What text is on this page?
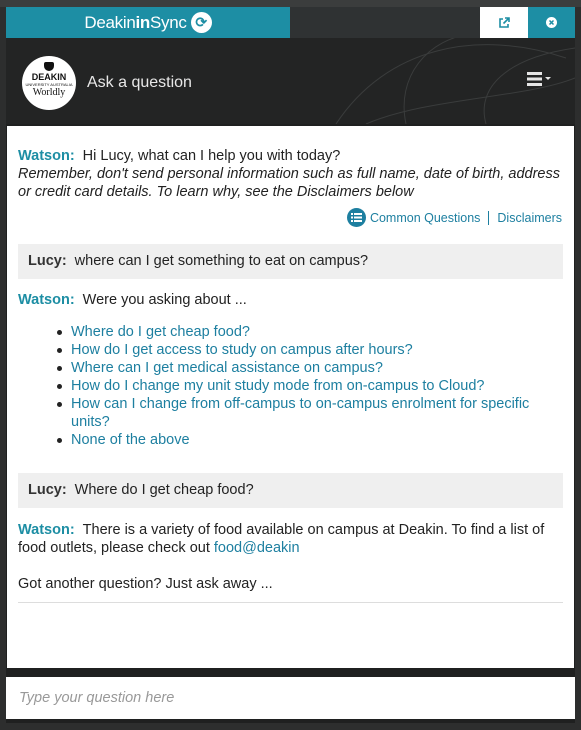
Deakin in Sync ⟳
DEAKIN
UNIVERSITY AUSTRALIA
Worldly
Ask a question
Watson: Hi Lucy, what can I help you with today?
Remember, don't send personal information such as full name, date of birth, address or credit card details. To learn why, see the Disclaimers below
Common Questions Disclaimers
Lucy: where can I get something to eat on campus?
Watson: Were you asking about ...
Where do I get cheap food?
How do I get access to study on campus after hours?
Where can I get medical assistance on campus?
How do I change my unit study mode from on-campus to Cloud?
How can I change from off-campus to on-campus enrolment for specific units?
None of the above
Lucy: Where do I get cheap food?
Watson: There is a variety of food available on campus at Deakin. To find a list of food outlets, please check out food@deakin
Got another question? Just ask away ...
Type your question here
